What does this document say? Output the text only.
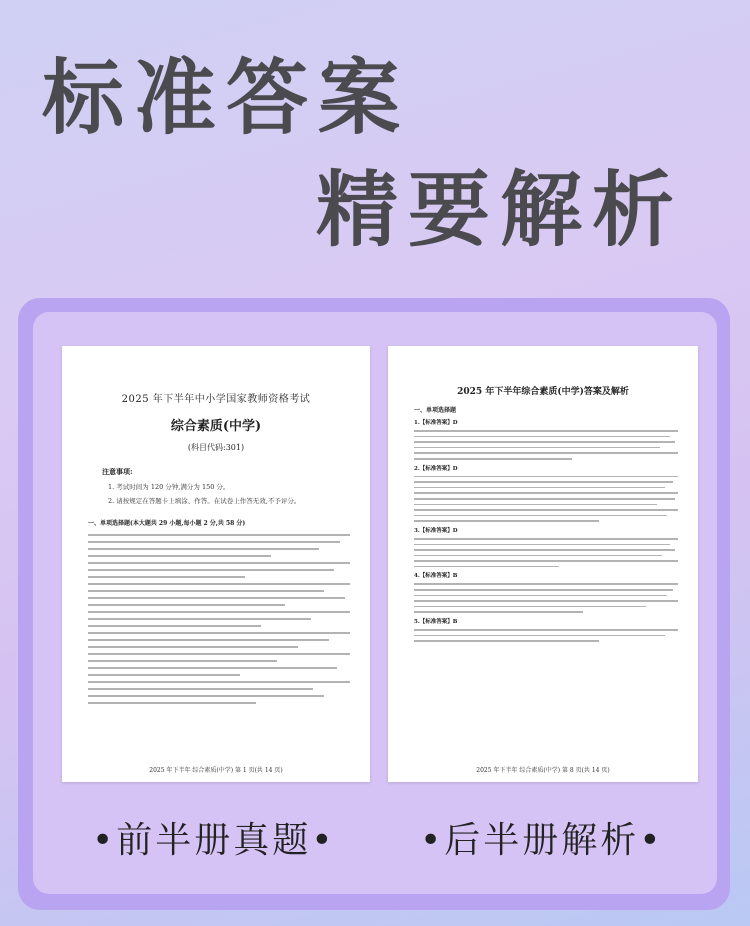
标准答案
精要解析
2025 年下半年中小学国家教师资格考试
综合素质(中学)
(科目代码:301)
注意事项:
1. 考试时间为 120 分钟,满分为 150 分。
2. 请按规定在答题卡上填涂、作答。在试卷上作答无效,不予评分。
一、单项选择题(本大题共 29 小题,每小题 2 分,共 58 分)
2025 年下半年 综合素质(中学) 第 1 页(共 14 页)
2025 年下半年综合素质(中学)答案及解析
一、单项选择题
1.【标准答案】D
2.【标准答案】D
3.【标准答案】D
4.【标准答案】B
5.【标准答案】B
2025 年下半年 综合素质(中学) 第 8 页(共 14 页)
•前半册真题• •后半册解析•
